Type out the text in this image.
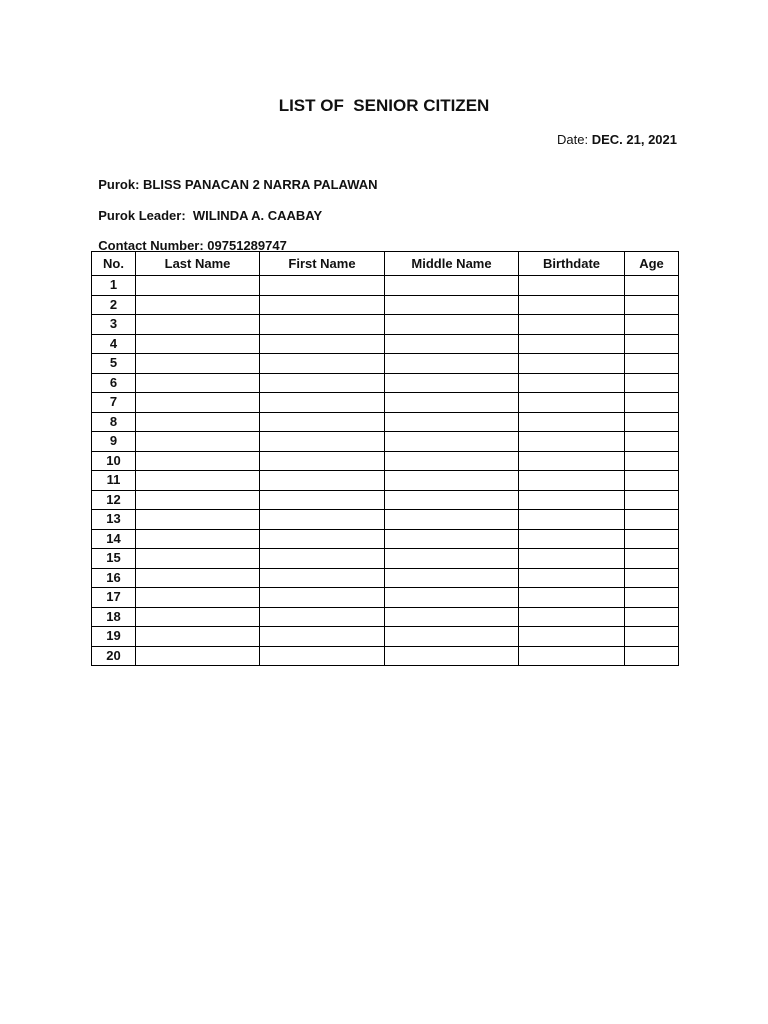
LIST OF  SENIOR CITIZEN
Date: DEC. 21, 2021

Purok: BLISS PANACAN 2 NARRA PALAWAN

Purok Leader:  WILINDA A. CAABAY

Contact Number: 09751289747

No.	Last Name	First Name	Middle Name	Birthdate	Age
1					
2					
3					
4					
5					
6					
7					
8					
9					
10					
11					
12					
13					
14					
15					
16					
17					
18					
19					
20					
